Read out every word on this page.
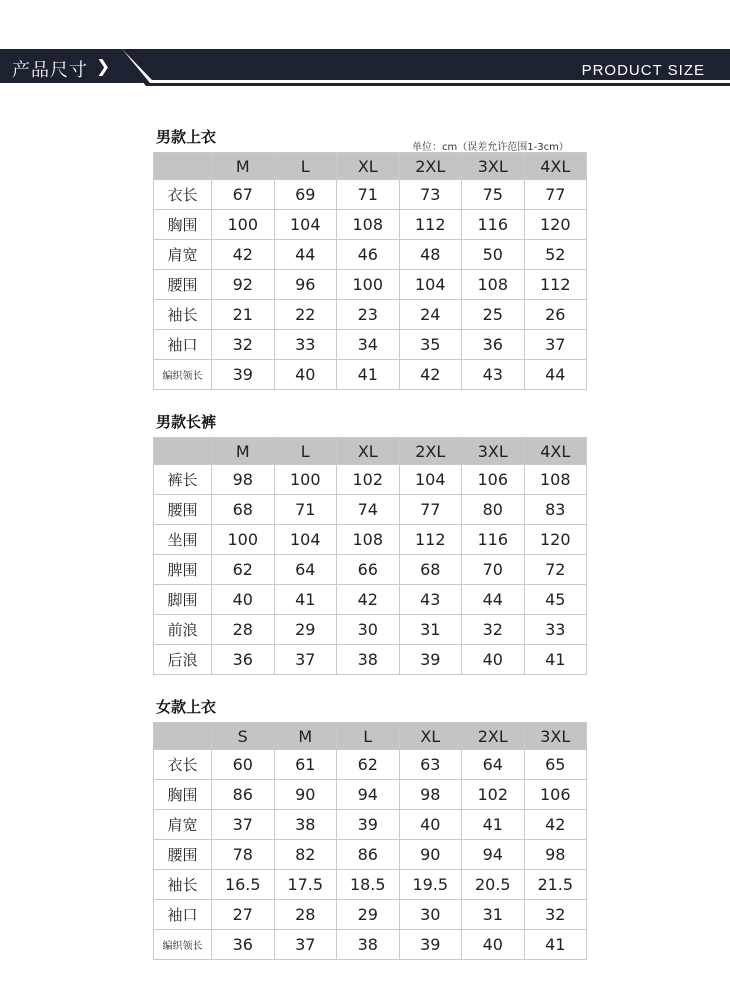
产品尺寸 ❯	PRODUCT SIZE
男款上衣
单位：cm（误差允许范围1-3cm）
	M	L	XL	2XL	3XL	4XL
衣长	67	69	71	73	75	77
胸围	100	104	108	112	116	120
肩宽	42	44	46	48	50	52
腰围	92	96	100	104	108	112
袖长	21	22	23	24	25	26
袖口	32	33	34	35	36	37
编织领长	39	40	41	42	43	44
男款长裤
	M	L	XL	2XL	3XL	4XL
裤长	98	100	102	104	106	108
腰围	68	71	74	77	80	83
坐围	100	104	108	112	116	120
脾围	62	64	66	68	70	72
脚围	40	41	42	43	44	45
前浪	28	29	30	31	32	33
后浪	36	37	38	39	40	41
女款上衣
	S	M	L	XL	2XL	3XL
衣长	60	61	62	63	64	65
胸围	86	90	94	98	102	106
肩宽	37	38	39	40	41	42
腰围	78	82	86	90	94	98
袖长	16.5	17.5	18.5	19.5	20.5	21.5
袖口	27	28	29	30	31	32
编织领长	36	37	38	39	40	41
